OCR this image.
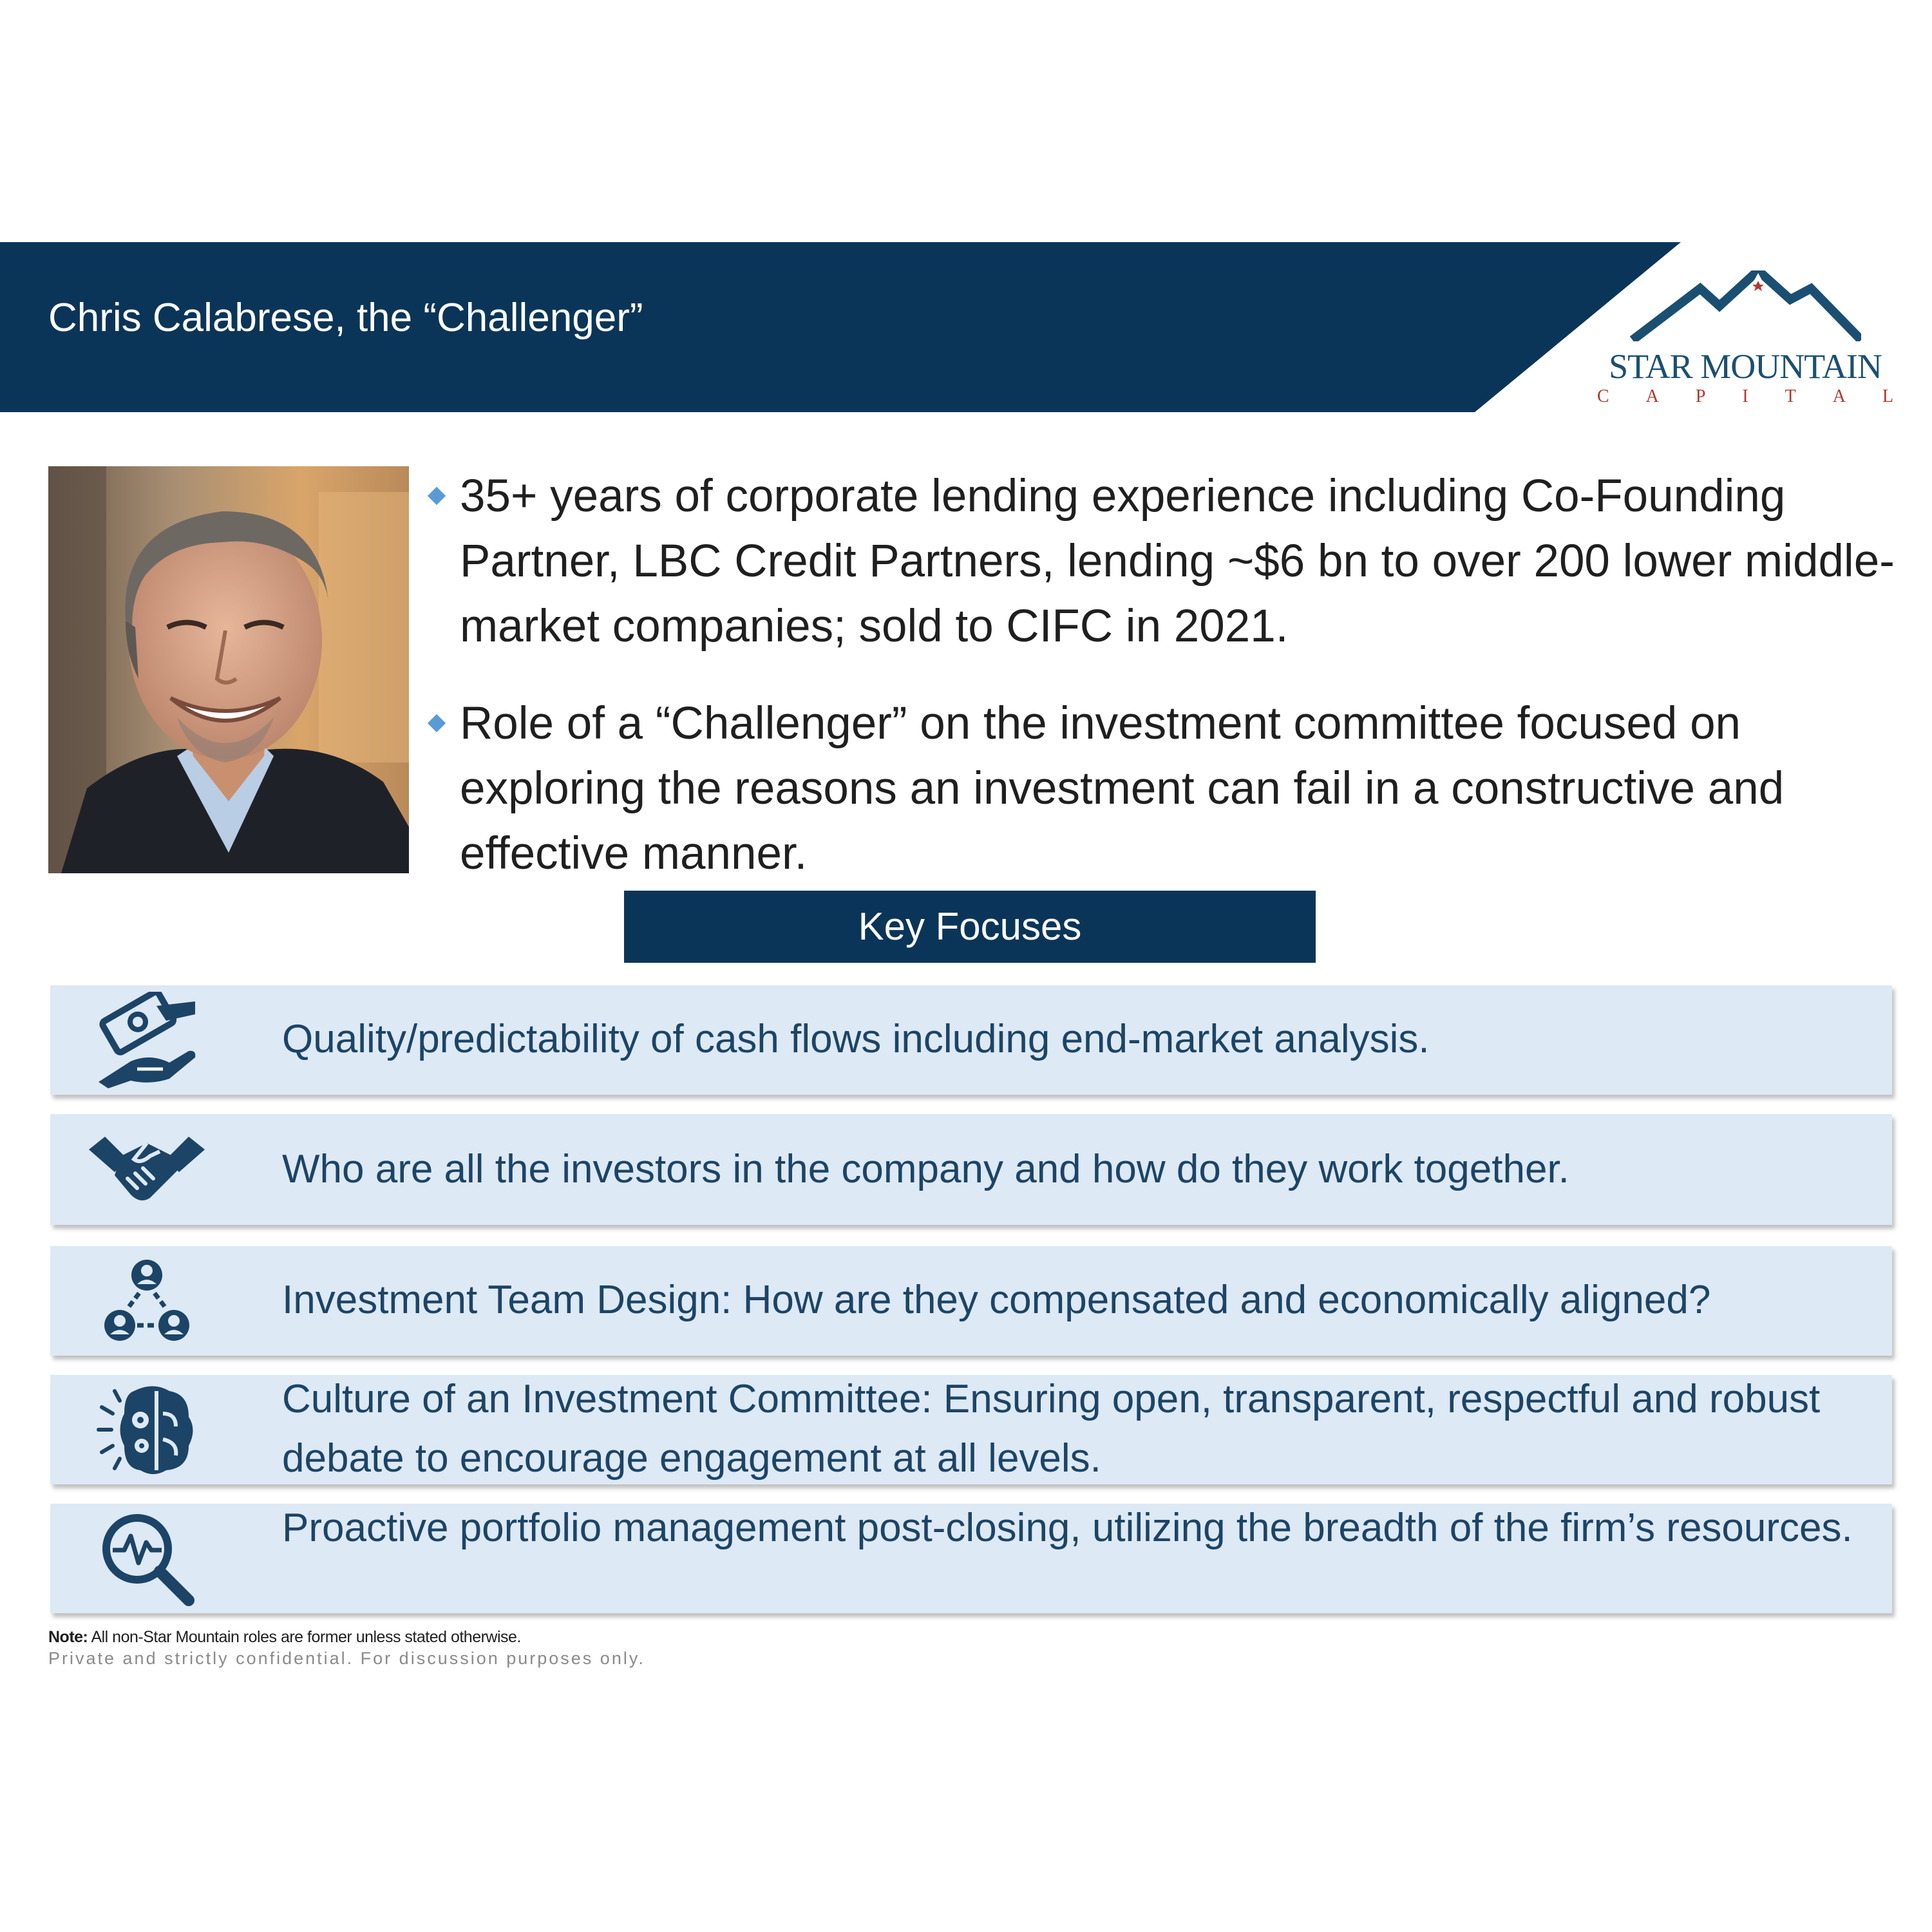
Chris Calabrese, the “Challenger”
STAR MOUNTAIN
C A P I T A L
35+ years of corporate lending experience including Co-Founding Partner, LBC Credit Partners, lending ~$6 bn to over 200 lower middle-market companies; sold to CIFC in 2021.
Role of a “Challenger” on the investment committee focused on exploring the reasons an investment can fail in a constructive and effective manner.
Key Focuses
Quality/predictability of cash flows including end-market analysis.
Who are all the investors in the company and how do they work together.
Investment Team Design: How are they compensated and economically aligned?
Culture of an Investment Committee: Ensuring open, transparent, respectful and robust debate to encourage engagement at all levels.
Proactive portfolio management post-closing, utilizing the breadth of the firm’s resources.
Note: All non-Star Mountain roles are former unless stated otherwise.
Private and strictly confidential. For discussion purposes only.
